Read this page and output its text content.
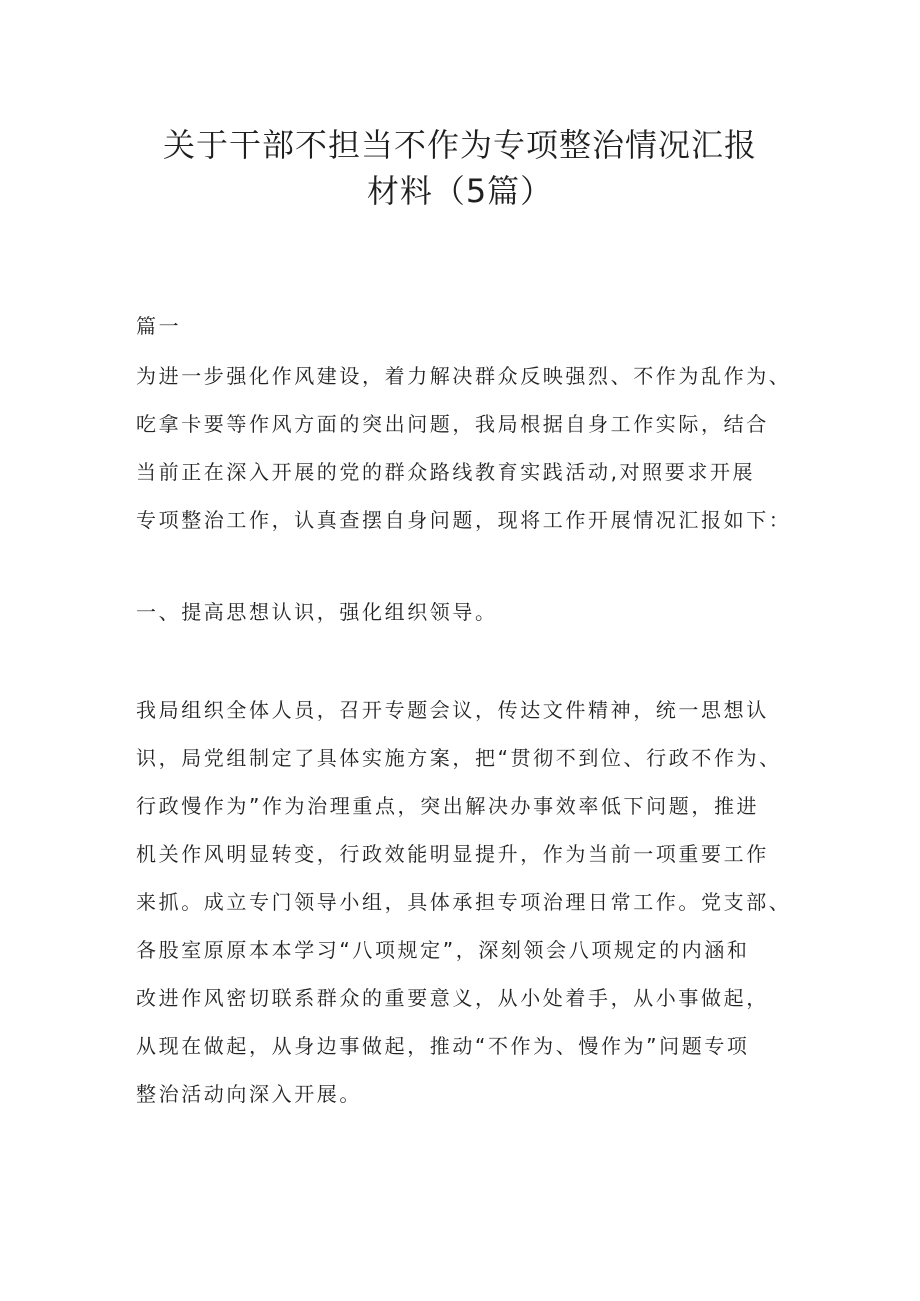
关于干部不担当不作为专项整治情况汇报
材料（5篇）

篇一

为进一步强化作风建设，着力解决群众反映强烈、不作为乱作为、

吃拿卡要等作风方面的突出问题，我局根据自身工作实际，结合

当前正在深入开展的党的群众路线教育实践活动,对照要求开展

专项整治工作，认真查摆自身问题，现将工作开展情况汇报如下：

一、提高思想认识，强化组织领导。

我局组织全体人员，召开专题会议，传达文件精神，统一思想认

识，局党组制定了具体实施方案，把“贯彻不到位、行政不作为、

行政慢作为”作为治理重点，突出解决办事效率低下问题，推进

机关作风明显转变，行政效能明显提升，作为当前一项重要工作

来抓。成立专门领导小组，具体承担专项治理日常工作。党支部、

各股室原原本本学习“八项规定”，深刻领会八项规定的内涵和

改进作风密切联系群众的重要意义，从小处着手，从小事做起，

从现在做起，从身边事做起，推动“不作为、慢作为”问题专项

整治活动向深入开展。
